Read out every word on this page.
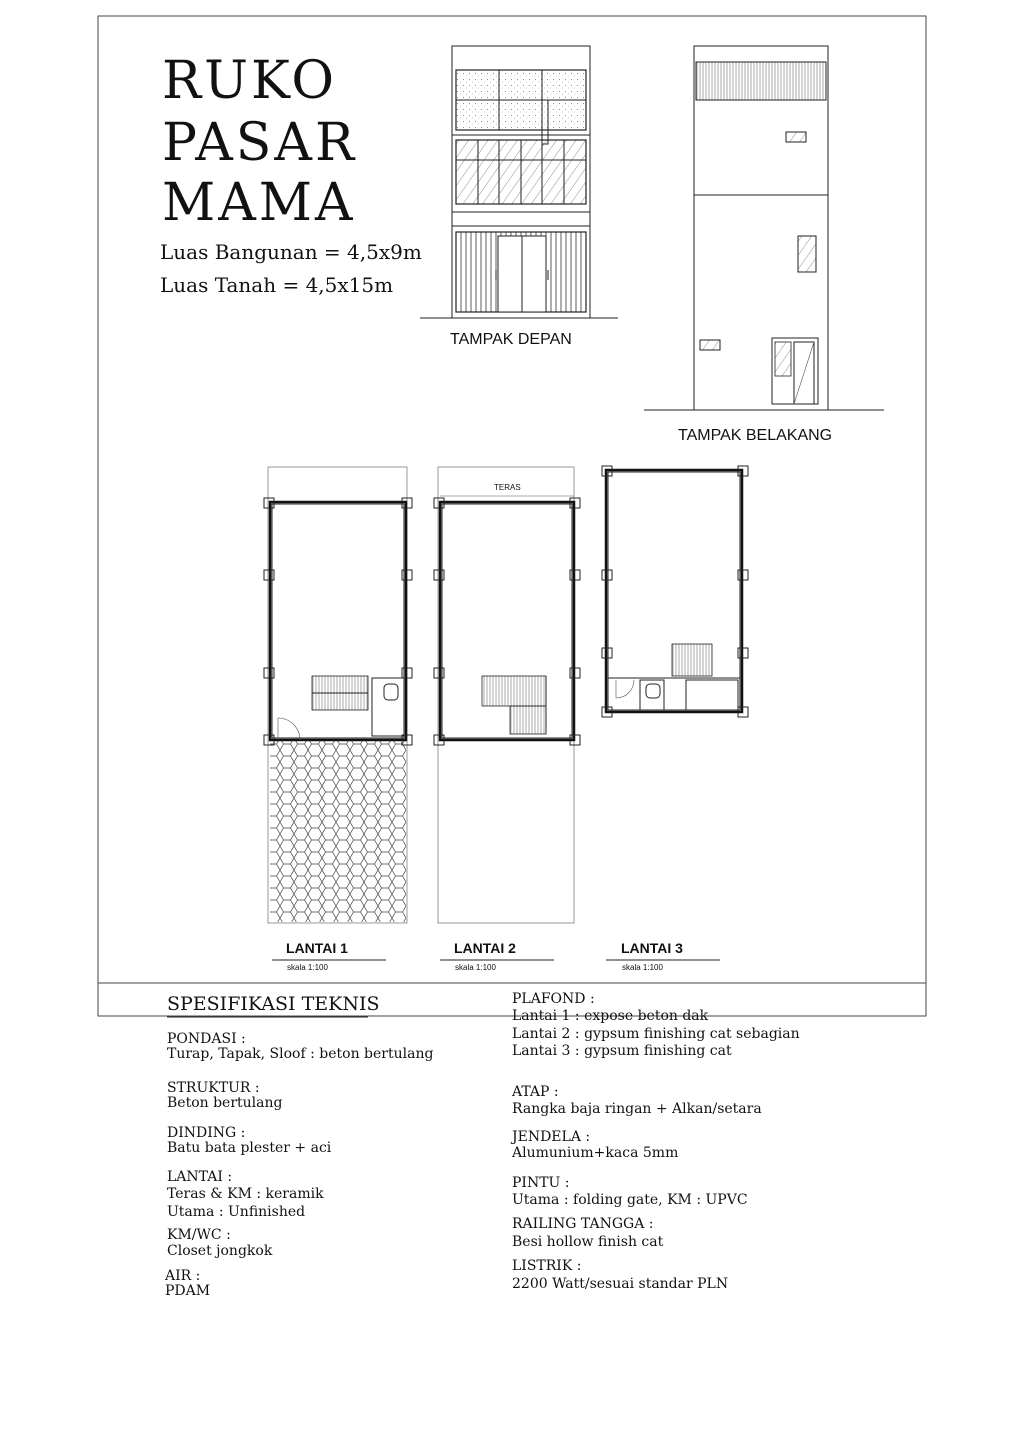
RUKO
PASAR
MAMA
Luas Bangunan = 4,5x9m
Luas Tanah = 4,5x15m
TAMPAK DEPAN
TAMPAK BELAKANG
LANTAI 1
skala 1:100
TERAS
LANTAI 2
skala 1:100
LANTAI 3
skala 1:100
SPESIFIKASI TEKNIS
PONDASI :
Turap, Tapak, Sloof : beton bertulang
STRUKTUR :
Beton bertulang
DINDING :
Batu bata plester + aci
LANTAI :
Teras & KM : keramik
Utama : Unfinished
KM/WC :
Closet jongkok
AIR :
PDAM
PLAFOND :
Lantai 1 : expose beton dak
Lantai 2 : gypsum finishing cat sebagian
Lantai 3 : gypsum finishing cat
ATAP :
Rangka baja ringan + Alkan/setara
JENDELA :
Alumunium+kaca 5mm
PINTU :
Utama : folding gate, KM : UPVC
RAILING TANGGA :
Besi hollow finish cat
LISTRIK :
2200 Watt/sesuai standar PLN
